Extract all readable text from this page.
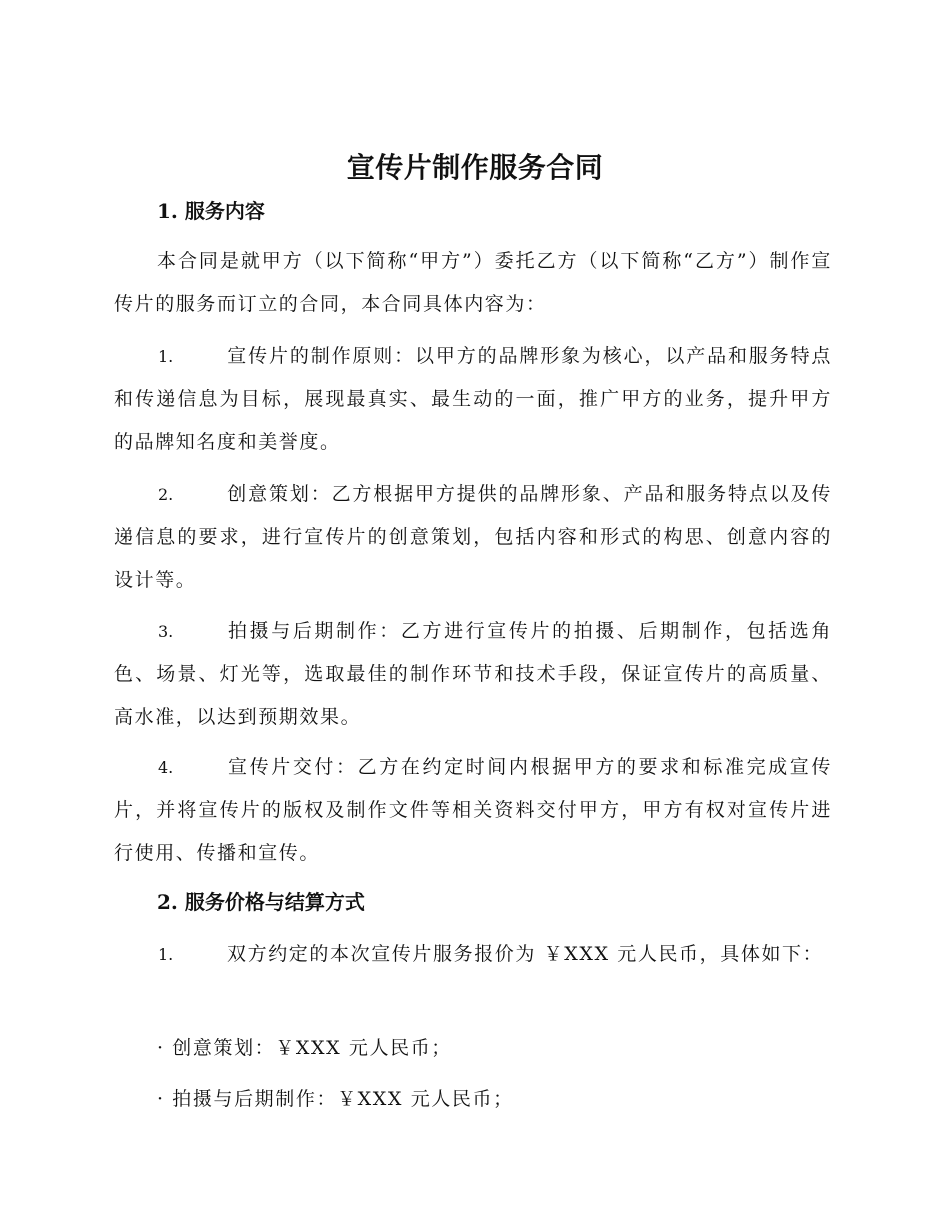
宣传片制作服务合同
1. 服务内容
本合同是就甲方（以下简称“甲方”）委托乙方（以下简称“乙方”）制作宣传片的服务而订立的合同，本合同具体内容为：
1.	宣传片的制作原则：以甲方的品牌形象为核心，以产品和服务特点和传递信息为目标，展现最真实、最生动的一面，推广甲方的业务，提升甲方的品牌知名度和美誉度。
2.	创意策划：乙方根据甲方提供的品牌形象、产品和服务特点以及传递信息的要求，进行宣传片的创意策划，包括内容和形式的构思、创意内容的设计等。
3.	拍摄与后期制作：乙方进行宣传片的拍摄、后期制作，包括选角色、场景、灯光等，选取最佳的制作环节和技术手段，保证宣传片的高质量、高水准，以达到预期效果。
4.	宣传片交付：乙方在约定时间内根据甲方的要求和标准完成宣传片，并将宣传片的版权及制作文件等相关资料交付甲方，甲方有权对宣传片进行使用、传播和宣传。
2. 服务价格与结算方式
1.	双方约定的本次宣传片服务报价为 ￥XXX 元人民币，具体如下：
· 创意策划：￥XXX 元人民币；
· 拍摄与后期制作：￥XXX 元人民币；
